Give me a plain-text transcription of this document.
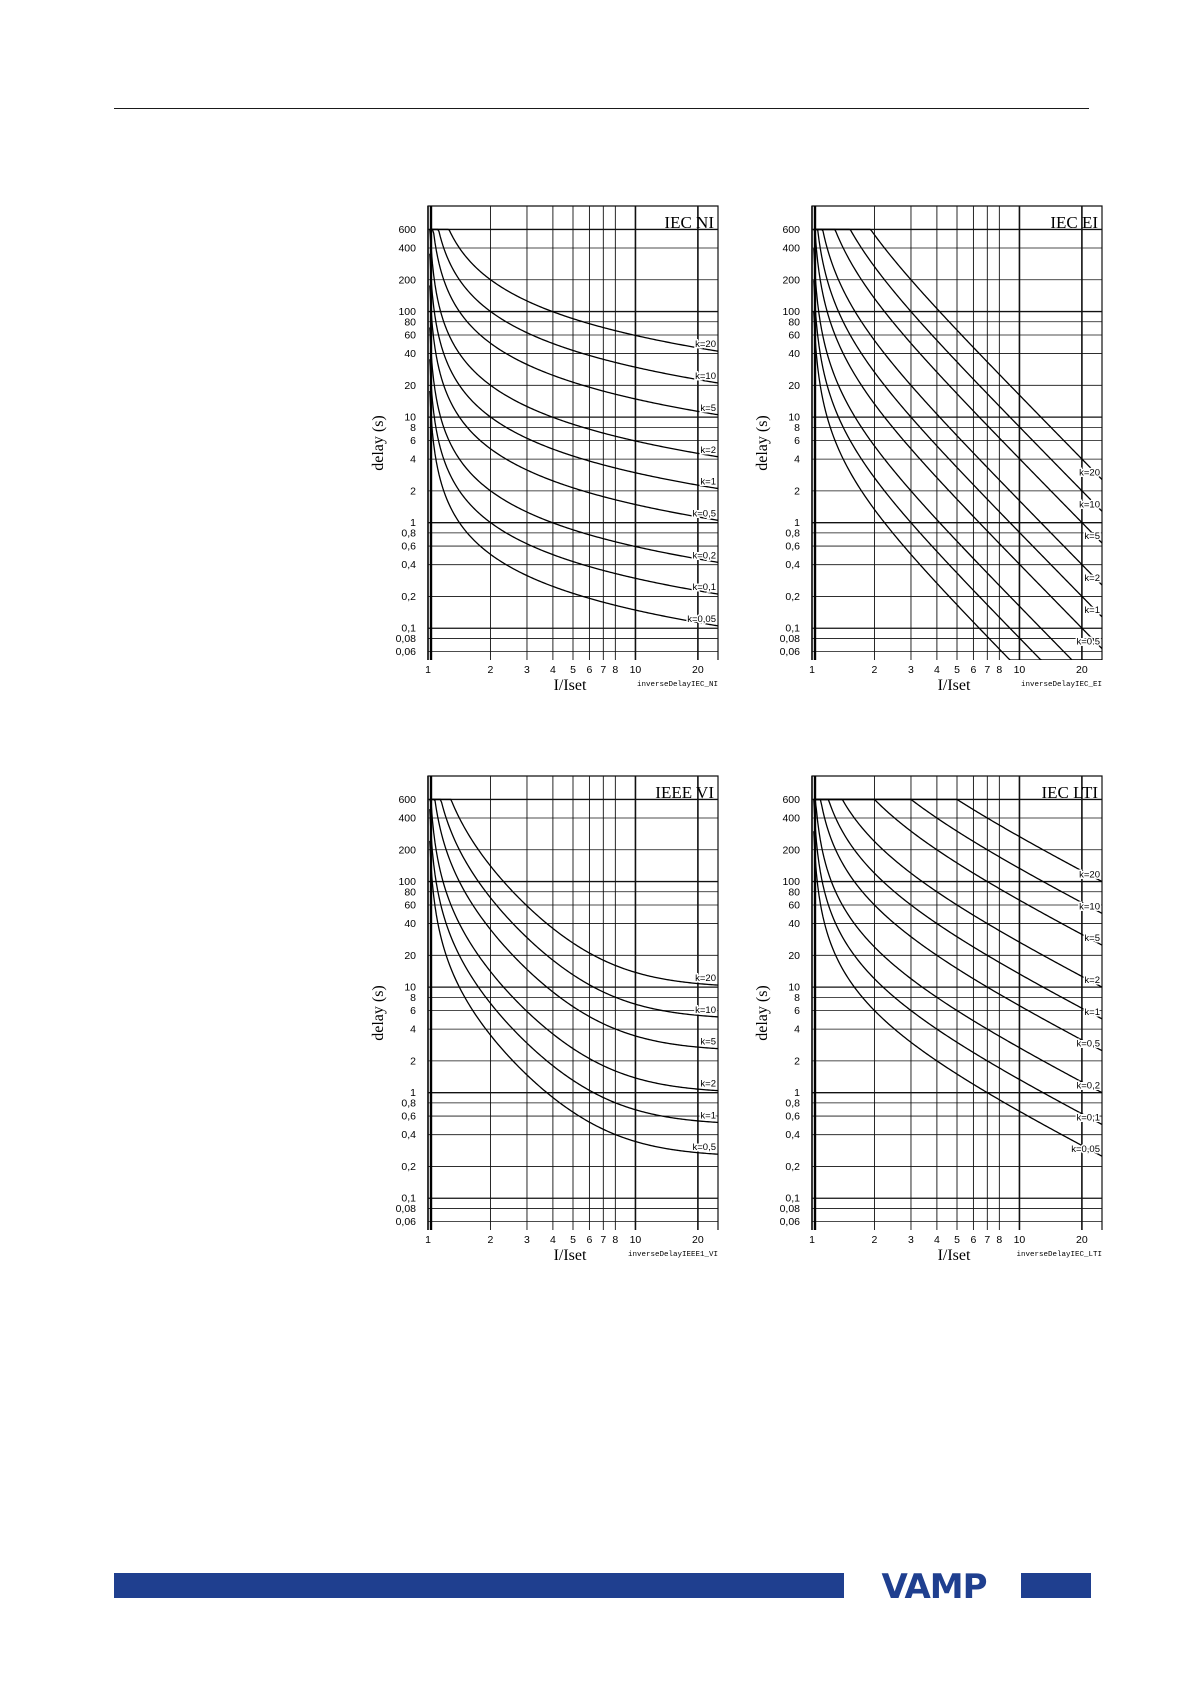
600
400
200
100
80
60
40
20
10
8
6
4
2
1
0,8
0,6
0,4
0,2
0,1
0,08
0,06
1	2	3 4 5 6 7 8 10	20
IEC NI
I/Iset	inverseDelayIEC_NI
delay (s)
k=20
k=10
k=5
k=2
k=1
k=0,5
k=0,2
k=0,1
k=0,05
600
400
200
100
80
60
40
20
10
8
6
4
2
1
0,8
0,6
0,4
0,2
0,1
0,08
0,06
1	2	3 4 5 6 7 8 10	20
IEC EI
I/Iset	inverseDelayIEC_EI
delay (s)
k=20
k=10
k=5
k=2
k=1
k=0.5
600
400
200
100
80
60
40
20
10
8
6
4
2
1
0,8
0,6
0,4
0,2
0,1
0,08
0,06
1	2	3 4 5 6 7 8 10	20
IEEE VI
I/Iset	inverseDelayIEEE1_VI
delay (s)
k=20
k=10
k=5
k=2
k=1
k=0,5
600
400
200
100
80
60
40
20
10
8
6
4
2
1
0,8
0,6
0,4
0,2
0,1
0,08
0,06
1	2	3 4 5 6 7 8 10	20
IEC LTI
I/Iset	inverseDelayIEC_LTI
delay (s)
k=20
k=10
k=5
k=2
k=1
k=0,5
k=0,2
k=0,1
k=0,05
VAMP
